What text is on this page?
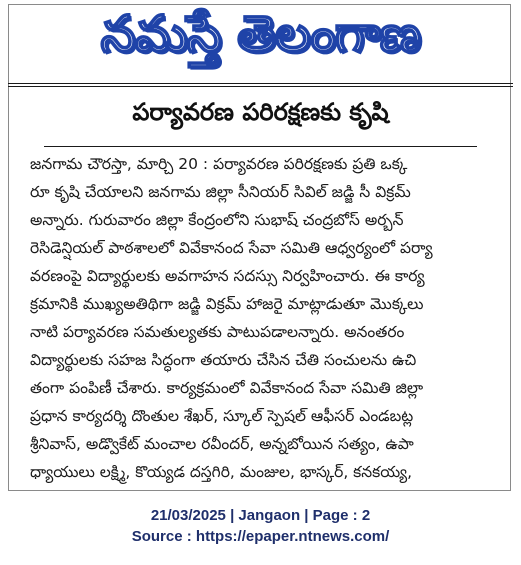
నమస్తే తెలంగాణ
పర్యావరణ పరిరక్షణకు కృషి
జనగామ చౌరస్తా, మార్చి 20 : పర్యావరణ పరిరక్షణకు ప్రతి ఒక్క
రూ కృషి చేయాలని జనగామ జిల్లా సీనియర్ సివిల్ జడ్జి సీ విక్రమ్
అన్నారు. గురువారం జిల్లా కేంద్రంలోని సుభాష్ చంద్రబోస్ అర్బన్
రెసిడెన్షియల్ పాఠశాలలో వివేకానంద సేవా సమితి ఆధ్వర్యంలో పర్యా
వరణంపై విద్యార్థులకు అవగాహన సదస్సు నిర్వహించారు. ఈ కార్య
క్రమానికి ముఖ్యఅతిథిగా జడ్జి విక్రమ్ హాజరై మాట్లాడుతూ మొక్కలు
నాటి పర్యావరణ సమతుల్యతకు పాటుపడాలన్నారు. అనంతరం
విద్యార్థులకు సహజ సిద్ధంగా తయారు చేసిన చేతి సంచులను ఉచి
తంగా పంపిణీ చేశారు. కార్యక్రమంలో వివేకానంద సేవా సమితి జిల్లా
ప్రధాన కార్యదర్శి దొంతుల శేఖర్, స్కూల్ స్పెషల్ ఆఫీసర్ ఎండబట్ల
శ్రీనివాస్, అడ్వొకేట్ మంచాల రవీందర్, అన్నబోయిన సత్యం, ఉపా
ధ్యాయులు లక్ష్మి, కొయ్యడ దస్తగిరి, మంజుల, భాస్కర్, కనకయ్య,
21/03/2025 | Jangaon | Page : 2
Source : https://epaper.ntnews.com/
